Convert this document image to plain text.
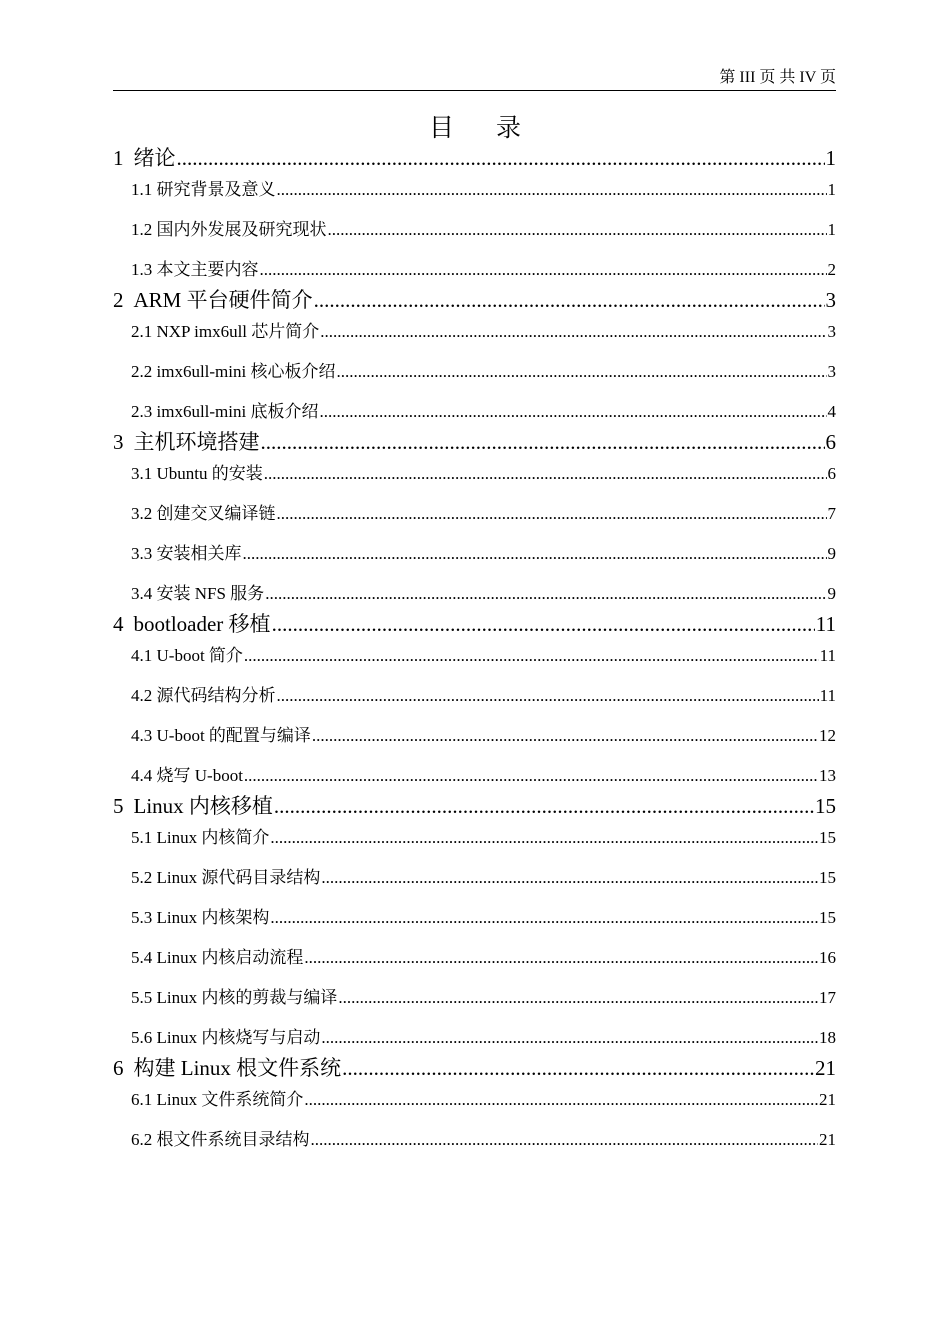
第 III 页 共 IV 页
目 录
1 绪论 .....	1
1.1 研究背景及意义 .....	1
1.2 国内外发展及研究现状 .....	1
1.3 本文主要内容 .....	2
2 ARM 平台硬件简介 .....	3
2.1 NXP imx6ull 芯片简介 .....	3
2.2 imx6ull-mini 核心板介绍 .....	3
2.3 imx6ull-mini 底板介绍 .....	4
3 主机环境搭建 .....	6
3.1 Ubuntu 的安装 .....	6
3.2 创建交叉编译链 .....	7
3.3 安装相关库 .....	9
3.4 安装 NFS 服务 .....	9
4 bootloader 移植 .....	11
4.1 U-boot 简介 .....	11
4.2 源代码结构分析 .....	11
4.3 U-boot 的配置与编译 .....	12
4.4 烧写 U-boot .....	13
5 Linux 内核移植 .....	15
5.1 Linux 内核简介 .....	15
5.2 Linux 源代码目录结构 .....	15
5.3 Linux 内核架构 .....	15
5.4 Linux 内核启动流程 .....	16
5.5 Linux 内核的剪裁与编译 .....	17
5.6 Linux 内核烧写与启动 .....	18
6 构建 Linux 根文件系统 .....	21
6.1 Linux 文件系统简介 .....	21
6.2 根文件系统目录结构 .....	21
